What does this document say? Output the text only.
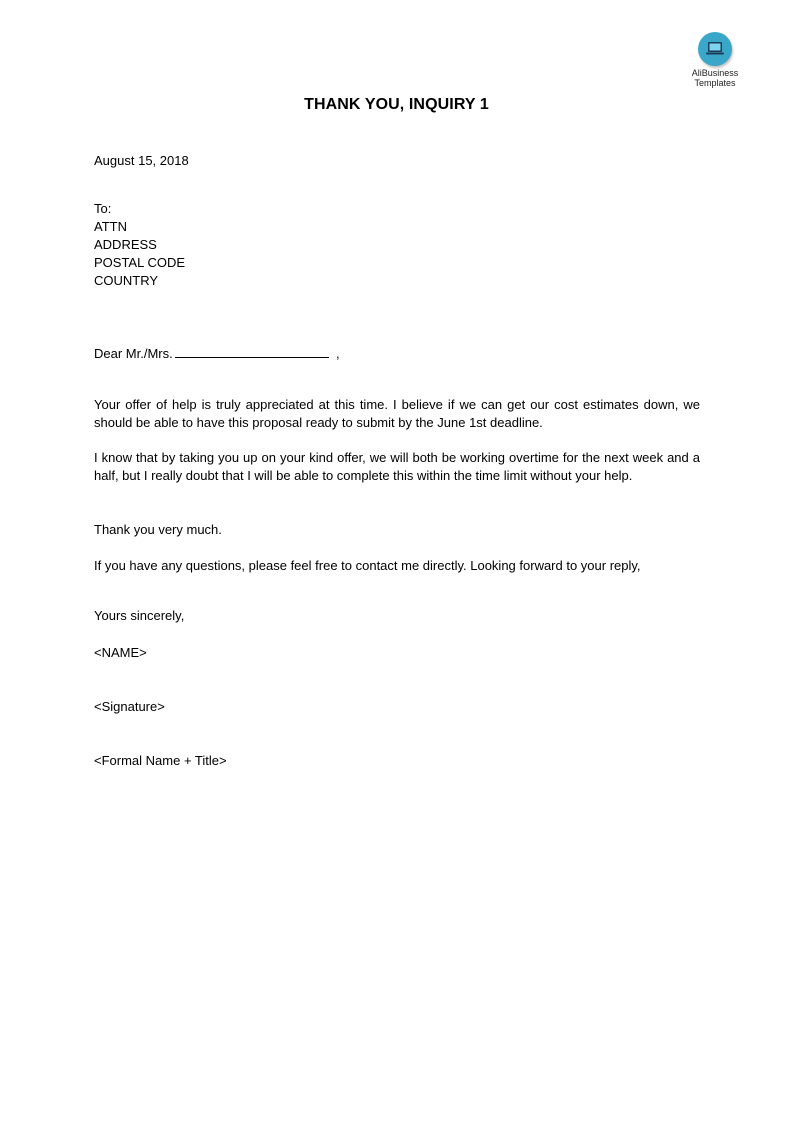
AliBusiness
Templates
THANK YOU, INQUIRY 1
August 15, 2018
To:
ATTN
ADDRESS
POSTAL CODE
COUNTRY
Dear Mr./Mrs.	,
Your offer of help is truly appreciated at this time. I believe if we can get our cost estimates down, we should be able to have this proposal ready to submit by the June 1st deadline.
I know that by taking you up on your kind offer, we will both be working overtime for the next week and a half, but I really doubt that I will be able to complete this within the time limit without your help.
Thank you very much.
If you have any questions, please feel free to contact me directly. Looking forward to your reply,
Yours sincerely,
<NAME>
<Signature>
<Formal Name + Title>
